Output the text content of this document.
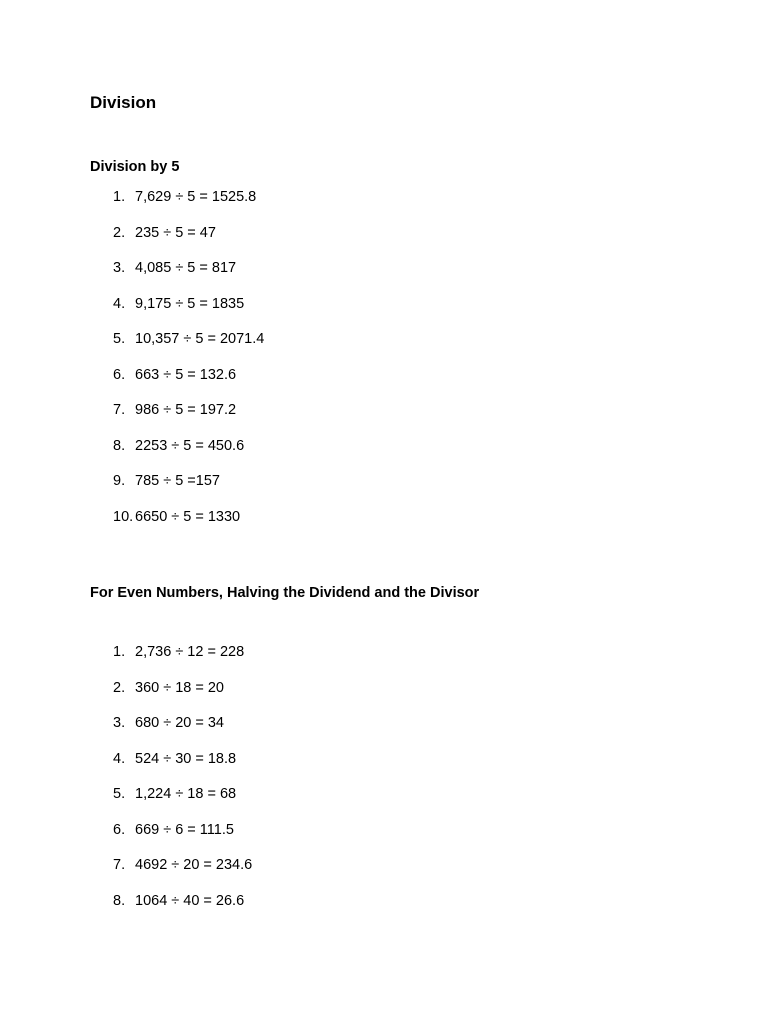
Division
Division by 5
1. 7,629 ÷ 5 = 1525.8
2. 235 ÷ 5 = 47
3. 4,085 ÷ 5 = 817
4. 9,175 ÷ 5 = 1835
5. 10,357 ÷ 5 = 2071.4
6. 663 ÷ 5 = 132.6
7. 986 ÷ 5 = 197.2
8. 2253 ÷ 5 = 450.6
9. 785 ÷ 5 =157
10. 6650 ÷ 5 = 1330
For Even Numbers, Halving the Dividend and the Divisor
1. 2,736 ÷ 12 = 228
2. 360 ÷ 18 = 20
3. 680 ÷ 20 = 34
4. 524 ÷ 30 = 18.8
5. 1,224 ÷ 18 = 68
6. 669 ÷ 6 = 111.5
7. 4692 ÷ 20 = 234.6
8. 1064 ÷ 40 = 26.6
